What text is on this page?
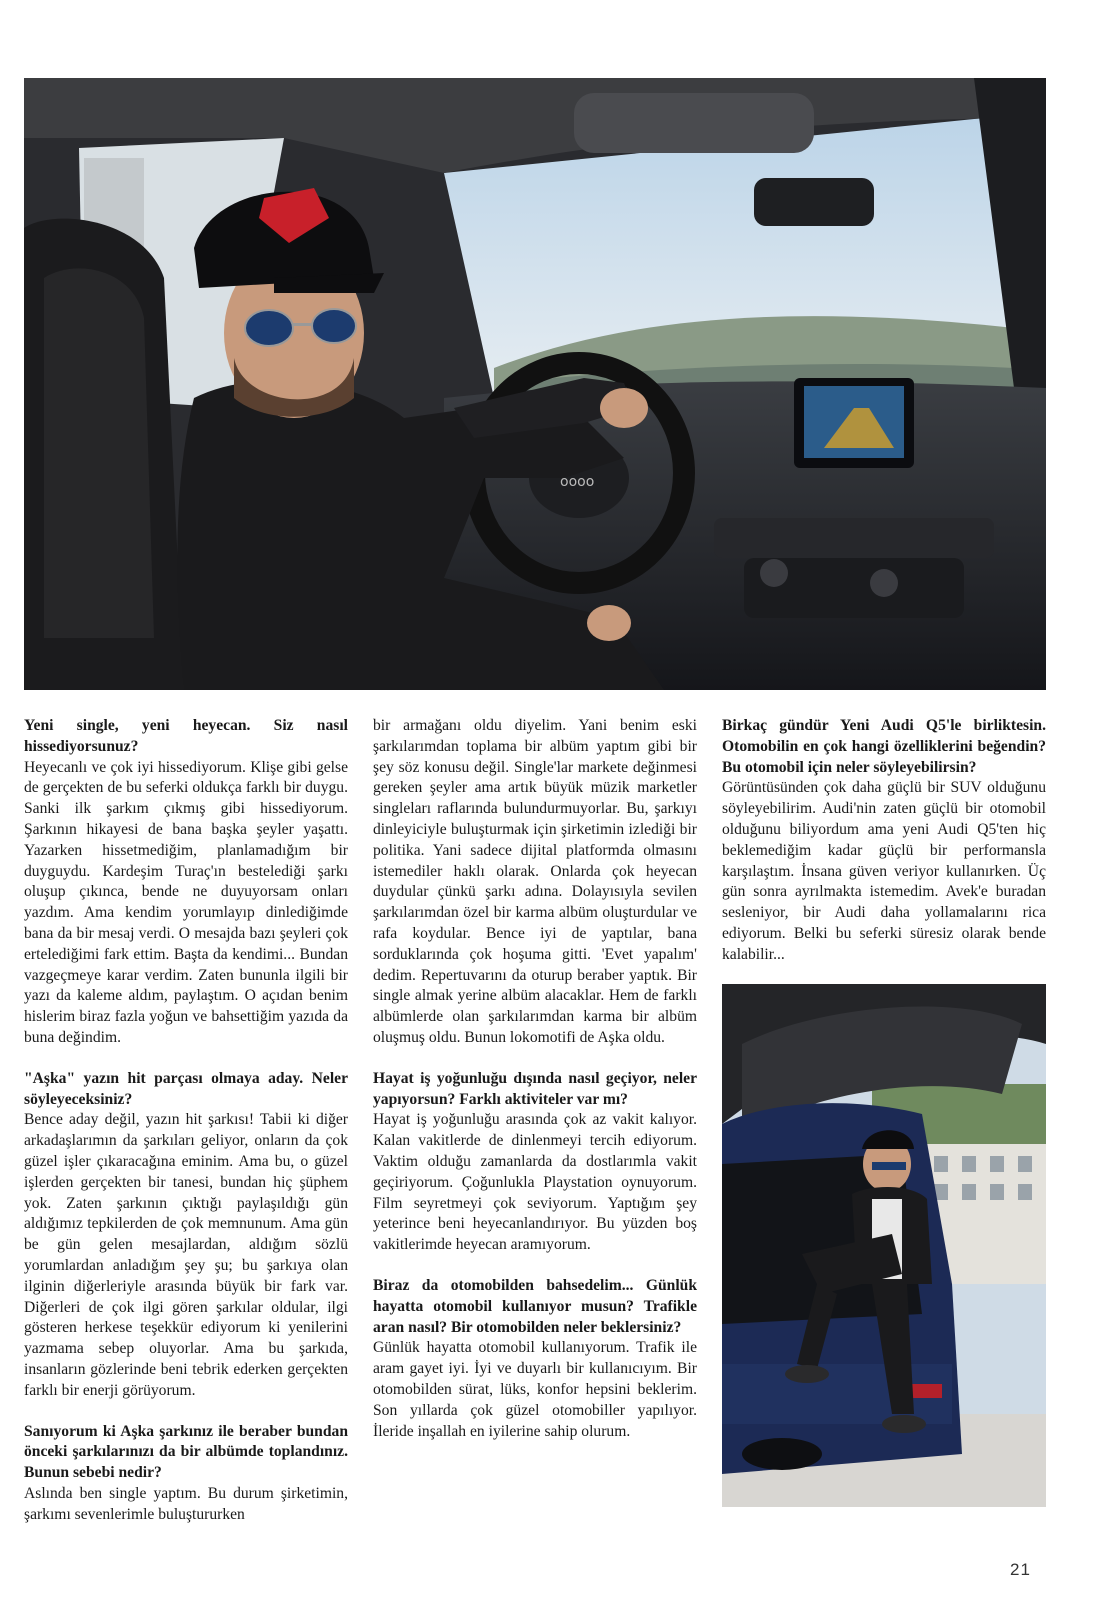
oooo

Yeni single, yeni heyecan. Siz nasıl hissediyorsunuz?

Heyecanlı ve çok iyi hissediyorum. Klişe gibi gelse de gerçekten de bu seferki oldukça farklı bir duygu. Sanki ilk şarkım çıkmış gibi hissediyorum. Şarkının hikayesi de bana başka şeyler yaşattı. Yazarken hissetmediğim, planlamadığım bir duyguydu. Kardeşim Turaç'ın bestelediği şarkı oluşup çıkınca, bende ne duyuyorsam onları yazdım. Ama kendim yorumlayıp dinlediğimde bana da bir mesaj verdi. O mesajda bazı şeyleri çok ertelediğimi fark ettim. Başta da kendimi... Bundan vazgeçmeye karar verdim. Zaten bununla ilgili bir yazı da kaleme aldım, paylaştım. O açıdan benim hislerim biraz fazla yoğun ve bahsettiğim yazıda da buna değindim.

"Aşka" yazın hit parçası olmaya aday. Neler söyleyeceksiniz?

Bence aday değil, yazın hit şarkısı! Tabii ki diğer arkadaşlarımın da şarkıları geliyor, onların da çok güzel işler çıkaracağına eminim. Ama bu, o güzel işlerden gerçekten bir tanesi, bundan hiç şüphem yok. Zaten şarkının çıktığı paylaşıldığı gün aldığımız tepkilerden de çok memnunum. Ama gün be gün gelen mesajlardan, aldığım sözlü yorumlardan anladığım şey şu; bu şarkıya olan ilginin diğerleriyle arasında büyük bir fark var. Diğerleri de çok ilgi gören şarkılar oldular, ilgi gösteren herkese teşekkür ediyorum ki yenilerini yazmama sebep oluyorlar. Ama bu şarkıda, insanların gözlerinde beni tebrik ederken gerçekten farklı bir enerji görüyorum.

Sanıyorum ki Aşka şarkınız ile beraber bundan önceki şarkılarınızı da bir albümde toplandınız. Bunun sebebi nedir?

Aslında ben single yaptım. Bu durum şirketimin, şarkımı sevenlerimle buluştururken

bir armağanı oldu diyelim. Yani benim eski şarkılarımdan toplama bir albüm yaptım gibi bir şey söz konusu değil. Single'lar markete değinmesi gereken şeyler ama artık büyük müzik marketler singleları raflarında bulundurmuyorlar. Bu, şarkıyı dinleyiciyle buluşturmak için şirketimin izlediği bir politika. Yani sadece dijital platformda olmasını istemediler haklı olarak. Onlarda çok heyecan duydular çünkü şarkı adına. Dolayısıyla sevilen şarkılarımdan özel bir karma albüm oluşturdular ve rafa koydular. Bence iyi de yaptılar, bana sorduklarında çok hoşuma gitti. 'Evet yapalım' dedim. Repertuvarını da oturup beraber yaptık. Bir single almak yerine albüm alacaklar. Hem de farklı albümlerde olan şarkılarımdan karma bir albüm oluşmuş oldu. Bunun lokomotifi de Aşka oldu.

Hayat iş yoğunluğu dışında nasıl geçiyor, neler yapıyorsun? Farklı aktiviteler var mı?

Hayat iş yoğunluğu arasında çok az vakit kalıyor. Kalan vakitlerde de dinlenmeyi tercih ediyorum. Vaktim olduğu zamanlarda da dostlarımla vakit geçiriyorum. Çoğunlukla Playstation oynuyorum. Film seyretmeyi çok seviyorum. Yaptığım şey yeterince beni heyecanlandırıyor. Bu yüzden boş vakitlerimde heyecan aramıyorum.

Biraz da otomobilden bahsedelim... Günlük hayatta otomobil kullanıyor musun? Trafikle aran nasıl? Bir otomobilden neler beklersiniz?

Günlük hayatta otomobil kullanıyorum. Trafik ile aram gayet iyi. İyi ve duyarlı bir kullanıcıyım. Bir otomobilden sürat, lüks, konfor hepsini beklerim. Son yıllarda çok güzel otomobiller yapılıyor. İleride inşallah en iyilerine sahip olurum.

Birkaç gündür Yeni Audi Q5'le birliktesin. Otomobilin en çok hangi özelliklerini beğendin? Bu otomobil için neler söyleyebilirsin?

Görüntüsünden çok daha güçlü bir SUV olduğunu söyleyebilirim. Audi'nin zaten güçlü bir otomobil olduğunu biliyordum ama yeni Audi Q5'ten hiç beklemediğim kadar güçlü bir performansla karşılaştım. İnsana güven veriyor kullanırken. Üç gün sonra ayrılmakta istemedim. Avek'e buradan sesleniyor, bir Audi daha yollamalarını rica ediyorum. Belki bu seferki süresiz olarak bende kalabilir...

21
